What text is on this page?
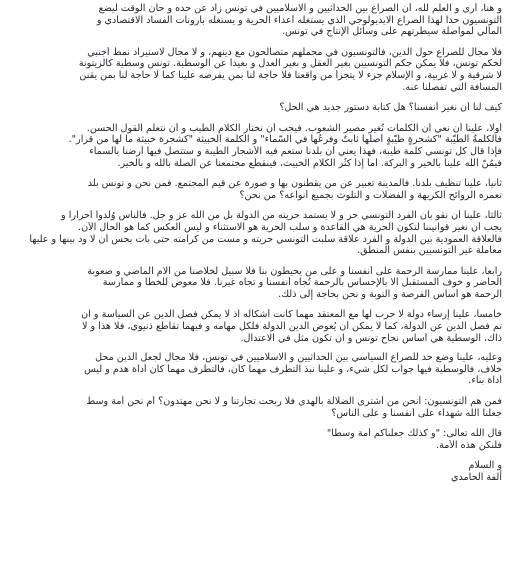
و هنا، أرى و العلم لله، أن الصراع بين الحداثيين و الاسلاميين في تونس زاد عن حده و حان الوقت ليضع
التونسيون حدا لهذا الصراع الايديولوجي الذي يستغله أعداء الحرية و يستغله بارونات الفساد الاقتصادي و
المالي لمواصلة سيطرتهم على وسائل الإنتاج في تونس.
فلا مجال للصراع حول الدين، فالتونسيون في مجملهم متصالحون مع دينهم، و لا مجال لاستيراد نمط أجنبي
لحكم تونس، فلا يمكن حكم التونسيين بغير العقل و بغير العدل و بعيدا عن الوسطية. تونس وسطية كالزيتونة
لا شرقية و لا غربية، و الإسلام جزء لا يتجزأ من واقعنا فلا حاجة لنا بمن يفرضه علينا كما لا حاجة لنا بمن يقنن
المسافة التي تفصلنا عنه.
كيف لنا أن نغير أنفسنا؟ هل كتابة دستور جديد هي الحل؟
أولا، علينا أن نعي أن الكلمات تُغير مصير الشعوب. فيجب أن نختار الكلام الطيب و أن نتعلّم القول الحسن.
فالكلمةُ الطيّبة "كشجرةٍ طيّبةٍ أصلُها ثابتٌ وفرعُها في السّماء" و الكلمة الخبيثة "كشجرة خبيثة ما لها من قرار".
فإذا قال كل تونسي كلمة طيبة، فهذا يعني أن بلدنا ستعم فيه الأشجار الطيبة و ستتصل فيها أرضنا بالسماء
فيمُنّ الله علينا بالخير و البركة. اما إذا كثُر الكلام الخبيث، فينقطع مجتمعنا عن الصلة بالله و بالخير.
ثانيا، علينا تنظيف بلدنا. فالمدينة تعبير عن من يقطنون بها و صورة عن قيم المجتمع. فمن نحن و تونس بلد
تعمره الروائح الكريهة و الفضلات و التلوث بجميع أنواعه؟ من نحن؟
ثالثا، علينا أن نقو بأن الفرد التونسي حر و لا يستمد حريته من الدولة بل من الله عز و جل. فالناس وُلدوا أحرارا و
يجب أن نغير قوانيننا لتكون الحرية هي القاعدة و سلب الحرية هو الاستثناء و ليس العكس كما هو الحال الآن.
فالعلاقة العمودية بين الدولة و الفرد علاقة سلبت التونسي حريته و مست من كرامته حتى بات يحس أن لا ود بينها و عليها
معاملة غير التونسيين بنفس المنطق.
رابعا، علينا ممارسة الرحمة على أنفسنا و على من يحيطون بنا فلا سبيل لخلاصنا من آلام الماضي و صعوبة
الحاضر و خوف المستقبل الا بالإحساس بالرحمة تُجاه أنفسنا و تجاه غيرنا. فلا معوض للخطأ و ممارسة
الرحمة هو أساس الفرصة و التوبة و نحن بحاجة إلى ذلك.
خامسا، علينا إرساء دولة لا حرب لها مع المعتقد مهما كانت أشكاله اذ لا يمكن فصل الدين عن السياسة و ان
تم فصل الدين عن الدولة، كما لا يمكن أن يُعوض الدين الدولة فلكل مهامه و فيهما تقاطع ذنيوي، فلا هذا و لا
ذاك، الوسطية هي أساس نجاح تونس و ان تكون مثل في الاعتدال.
وعليه، علينا وضع حد للصراع السياسي بين الحداثيين و الاسلاميين في تونس، فلا مجال لجعل الدين محل
خلاف، فالوسطية فيها جواب لكل شيء، و علينا نبذ التطرف مهما كان، فالتطرف مهما كان أداة هدم و ليس
أداة بناء.
فمن هم التونسيون: أنحن من أشترى الضلالة بالهدى فلا ربحت تجارتنا و لا نحن مهتدون؟ أم نحن أمة وسط
جعلنا الله شهداء على أنفسنا و على الناس؟
قال الله تعالى: "و كذلك جعلناكم أمة وسطا"
فلنكن هذه الأمة.
و السلام
ألفة الحامدي
